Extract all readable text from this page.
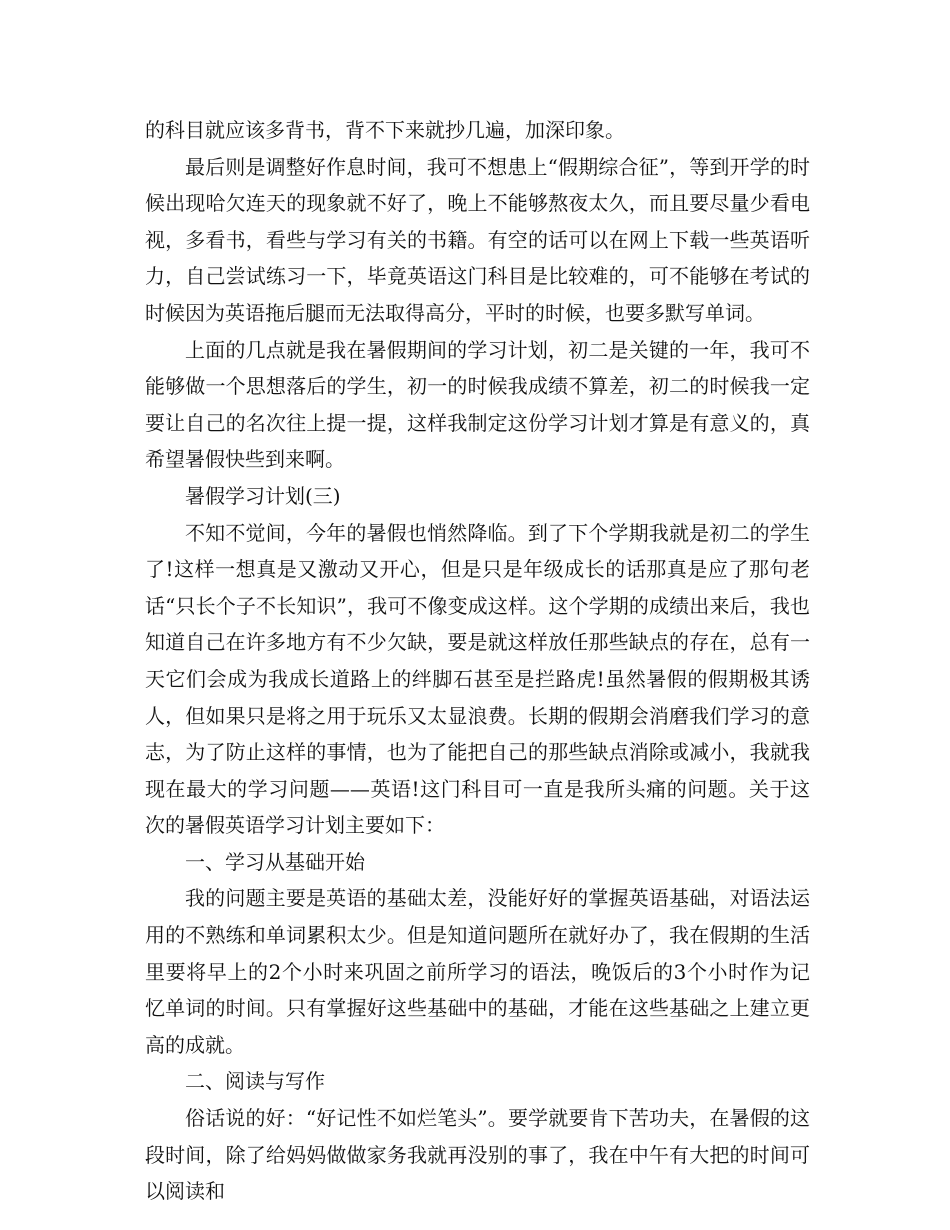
的科目就应该多背书，背不下来就抄几遍，加深印象。

最后则是调整好作息时间，我可不想患上“假期综合征”，等到开学的时候出现哈欠连天的现象就不好了，晚上不能够熬夜太久，而且要尽量少看电视，多看书，看些与学习有关的书籍。有空的话可以在网上下载一些英语听力，自己尝试练习一下，毕竟英语这门科目是比较难的，可不能够在考试的时候因为英语拖后腿而无法取得高分，平时的时候，也要多默写单词。

上面的几点就是我在暑假期间的学习计划，初二是关键的一年，我可不能够做一个思想落后的学生，初一的时候我成绩不算差，初二的时候我一定要让自己的名次往上提一提，这样我制定这份学习计划才算是有意义的，真希望暑假快些到来啊。

暑假学习计划(三)

不知不觉间，今年的暑假也悄然降临。到了下个学期我就是初二的学生了!这样一想真是又激动又开心，但是只是年级成长的话那真是应了那句老话“只长个子不长知识”，我可不像变成这样。这个学期的成绩出来后，我也知道自己在许多地方有不少欠缺，要是就这样放任那些缺点的存在，总有一天它们会成为我成长道路上的绊脚石甚至是拦路虎!虽然暑假的假期极其诱人，但如果只是将之用于玩乐又太显浪费。长期的假期会消磨我们学习的意志，为了防止这样的事情，也为了能把自己的那些缺点消除或减小，我就我现在最大的学习问题——英语!这门科目可一直是我所头痛的问题。关于这次的暑假英语学习计划主要如下：

一、学习从基础开始

我的问题主要是英语的基础太差，没能好好的掌握英语基础，对语法运用的不熟练和单词累积太少。但是知道问题所在就好办了，我在假期的生活里要将早上的2个小时来巩固之前所学习的语法，晚饭后的3个小时作为记忆单词的时间。只有掌握好这些基础中的基础，才能在这些基础之上建立更高的成就。

二、阅读与写作

俗话说的好：“好记性不如烂笔头”。要学就要肯下苦功夫，在暑假的这段时间，除了给妈妈做做家务我就再没别的事了，我在中午有大把的时间可以阅读和
